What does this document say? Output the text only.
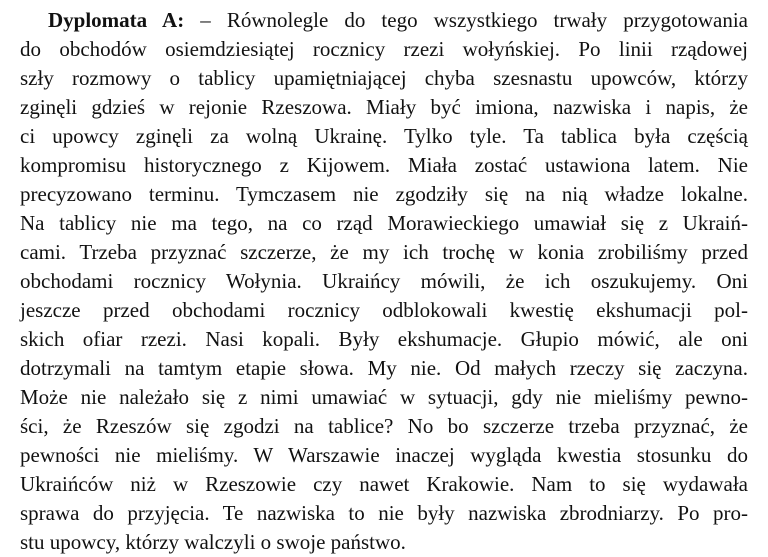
Dyplomata A: – Równolegle do tego wszystkiego trwały przygotowania
do obchodów osiemdziesiątej rocznicy rzezi wołyńskiej. Po linii rządowej
szły rozmowy o tablicy upamiętniającej chyba szesnastu upowców, którzy
zginęli gdzieś w rejonie Rzeszowa. Miały być imiona, nazwiska i napis, że
ci upowcy zginęli za wolną Ukrainę. Tylko tyle. Ta tablica była częścią
kompromisu historycznego z Kijowem. Miała zostać ustawiona latem. Nie
precyzowano terminu. Tymczasem nie zgodziły się na nią władze lokalne.
Na tablicy nie ma tego, na co rząd Morawieckiego umawiał się z Ukraiń-
cami. Trzeba przyznać szczerze, że my ich trochę w konia zrobiliśmy przed
obchodami rocznicy Wołynia. Ukraińcy mówili, że ich oszukujemy. Oni
jeszcze przed obchodami rocznicy odblokowali kwestię ekshumacji pol-
skich ofiar rzezi. Nasi kopali. Były ekshumacje. Głupio mówić, ale oni
dotrzymali na tamtym etapie słowa. My nie. Od małych rzeczy się zaczyna.
Może nie należało się z nimi umawiać w sytuacji, gdy nie mieliśmy pewno-
ści, że Rzeszów się zgodzi na tablice? No bo szczerze trzeba przyznać, że
pewności nie mieliśmy. W Warszawie inaczej wygląda kwestia stosunku do
Ukraińców niż w Rzeszowie czy nawet Krakowie. Nam to się wydawała
sprawa do przyjęcia. Te nazwiska to nie były nazwiska zbrodniarzy. Po pro-
stu upowcy, którzy walczyli o swoje państwo.
